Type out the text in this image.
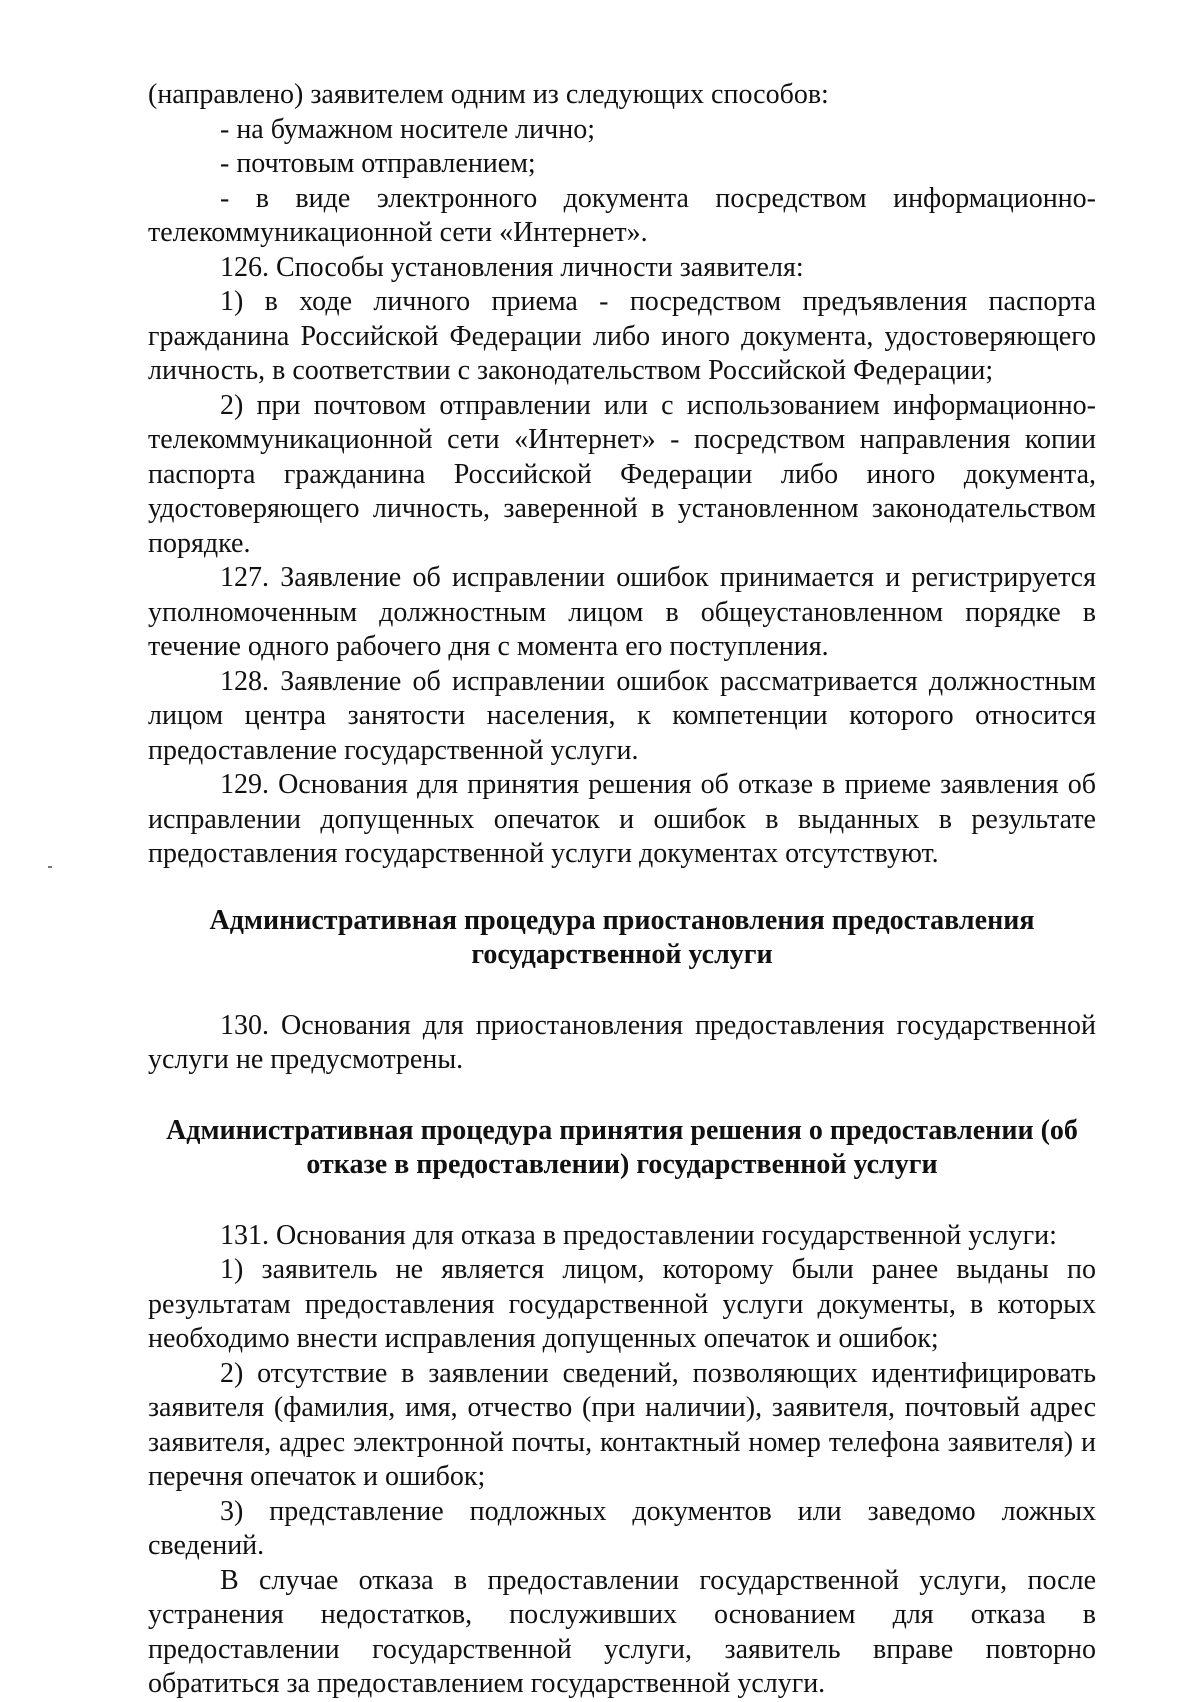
(направлено) заявителем одним из следующих способов:

- на бумажном носителе лично;

- почтовым отправлением;

- в виде электронного документа посредством информационно-телекоммуникационной сети «Интернет».

126. Способы установления личности заявителя:

1) в ходе личного приема - посредством предъявления паспорта гражданина Российской Федерации либо иного документа, удостоверяющего личность, в соответствии с законодательством Российской Федерации;

2) при почтовом отправлении или с использованием информационно-телекоммуникационной сети «Интернет» - посредством направления копии паспорта гражданина Российской Федерации либо иного документа, удостоверяющего личность, заверенной в установленном законодательством порядке.

127. Заявление об исправлении ошибок принимается и регистрируется уполномоченным должностным лицом в общеустановленном порядке в течение одного рабочего дня с момента его поступления.

128. Заявление об исправлении ошибок рассматривается должностным лицом центра занятости населения, к компетенции которого относится предоставление государственной услуги.

129. Основания для принятия решения об отказе в приеме заявления об исправлении допущенных опечаток и ошибок в выданных в результате предоставления государственной услуги документах отсутствуют.

Административная процедура приостановления предоставления государственной услуги

130. Основания для приостановления предоставления государственной услуги не предусмотрены.

Административная процедура принятия решения о предоставлении (об отказе в предоставлении) государственной услуги

131. Основания для отказа в предоставлении государственной услуги:

1) заявитель не является лицом, которому были ранее выданы по результатам предоставления государственной услуги документы, в которых необходимо внести исправления допущенных опечаток и ошибок;

2) отсутствие в заявлении сведений, позволяющих идентифицировать заявителя (фамилия, имя, отчество (при наличии), заявителя, почтовый адрес заявителя, адрес электронной почты, контактный номер телефона заявителя) и перечня опечаток и ошибок;

3) представление подложных документов или заведомо ложных сведений.

В случае отказа в предоставлении государственной услуги, после устранения недостатков, послуживших основанием для отказа в предоставлении государственной услуги, заявитель вправе повторно обратиться за предоставлением государственной услуги.
